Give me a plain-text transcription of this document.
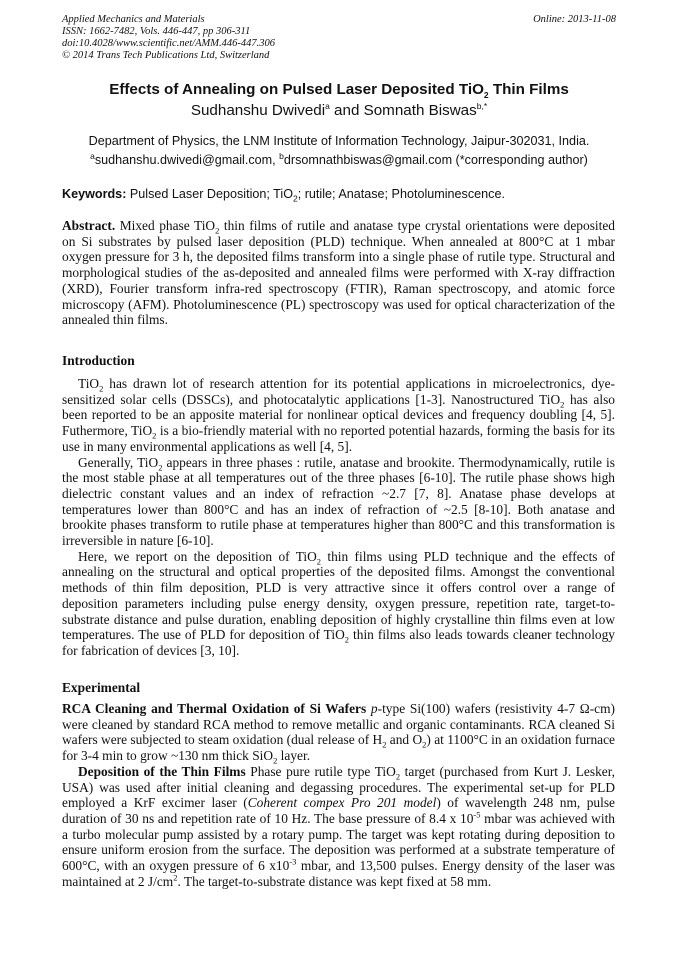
Applied Mechanics and Materials
ISSN: 1662-7482, Vols. 446-447, pp 306-311
doi:10.4028/www.scientific.net/AMM.446-447.306
© 2014 Trans Tech Publications Ltd, Switzerland
Online: 2013-11-08
Effects of Annealing on Pulsed Laser Deposited TiO$_2$ Thin Films
Sudhanshu Dwivedi$^a$ and Somnath Biswas$^{b,*}$
Department of Physics, the LNM Institute of Information Technology, Jaipur-302031, India.
$^a$sudhanshu.dwivedi@gmail.com, $^b$drsomnathbiswas@gmail.com (*corresponding author)
Keywords: Pulsed Laser Deposition; TiO$_2$; rutile; Anatase; Photoluminescence.

Abstract. Mixed phase TiO$_2$ thin films of rutile and anatase type crystal orientations were deposited on Si substrates by pulsed laser deposition (PLD) technique. When annealed at 800°C at 1 mbar oxygen pressure for 3 h, the deposited films transform into a single phase of rutile type. Structural and morphological studies of the as-deposited and annealed films were performed with X-ray diffraction (XRD), Fourier transform infra-red spectroscopy (FTIR), Raman spectroscopy, and atomic force microscopy (AFM). Photoluminescence (PL) spectroscopy was used for optical characterization of the annealed thin films.

Introduction

TiO$_2$ has drawn lot of research attention for its potential applications in microelectronics, dye-sensitized solar cells (DSSCs), and photocatalytic applications [1-3]. Nanostructured TiO$_2$ has also been reported to be an apposite material for nonlinear optical devices and frequency doubling [4, 5]. Futhermore, TiO$_2$ is a bio-friendly material with no reported potential hazards, forming the basis for its use in many environmental applications as well [4, 5].

Generally, TiO$_2$ appears in three phases : rutile, anatase and brookite. Thermodynamically, rutile is the most stable phase at all temperatures out of the three phases [6-10]. The rutile phase shows high dielectric constant values and an index of refraction ~2.7 [7, 8]. Anatase phase develops at temperatures lower than 800°C and has an index of refraction of ~2.5 [8-10]. Both anatase and brookite phases transform to rutile phase at temperatures higher than 800°C and this transformation is irreversible in nature [6-10].

Here, we report on the deposition of TiO$_2$ thin films using PLD technique and the effects of annealing on the structural and optical properties of the deposited films. Amongst the conventional methods of thin film deposition, PLD is very attractive since it offers control over a range of deposition parameters including pulse energy density, oxygen pressure, repetition rate, target-to-substrate distance and pulse duration, enabling deposition of highly crystalline thin films even at low temperatures. The use of PLD for deposition of TiO$_2$ thin films also leads towards cleaner technology for fabrication of devices [3, 10].

Experimental

RCA Cleaning and Thermal Oxidation of Si Wafers p-type Si(100) wafers (resistivity 4-7 Ω-cm) were cleaned by standard RCA method to remove metallic and organic contaminants. RCA cleaned Si wafers were subjected to steam oxidation (dual release of $H_2$ and $O_2$) at 1100°C in an oxidation furnace for 3-4 min to grow ~130 nm thick SiO$_2$ layer.

Deposition of the Thin Films Phase pure rutile type TiO$_2$ target (purchased from Kurt J. Lesker, USA) was used after initial cleaning and degassing procedures. The experimental set-up for PLD employed a KrF excimer laser (Coherent compex Pro 201 model) of wavelength 248 nm, pulse duration of 30 ns and repetition rate of 10 Hz. The base pressure of 8.4 x $10^{-5}$ mbar was achieved with a turbo molecular pump assisted by a rotary pump. The target was kept rotating during deposition to ensure uniform erosion from the surface. The deposition was performed at a substrate temperature of 600°C, with an oxygen pressure of 6 $x10^{-3}$ mbar, and 13,500 pulses. Energy density of the laser was maintained at 2 $J/cm^2$. The target-to-substrate distance was kept fixed at 58 mm.
